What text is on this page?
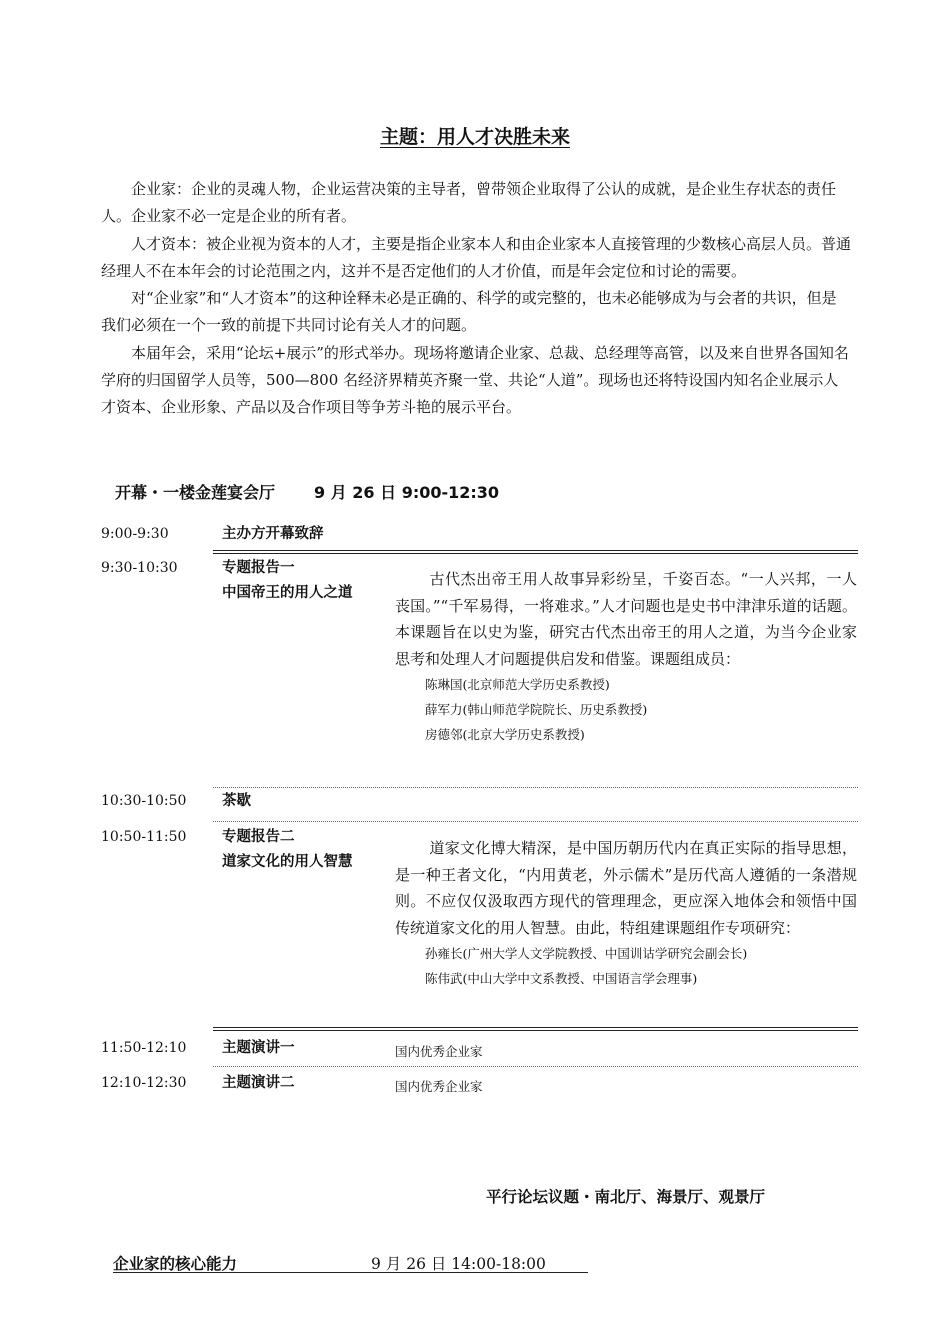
主题：用人才决胜未来

企业家：企业的灵魂人物，企业运营决策的主导者，曾带领企业取得了公认的成就，是企业生存状态的责任人。企业家不必一定是企业的所有者。

人才资本：被企业视为资本的人才，主要是指企业家本人和由企业家本人直接管理的少数核心高层人员。普通经理人不在本年会的讨论范围之内，这并不是否定他们的人才价值，而是年会定位和讨论的需要。

对“企业家”和“人才资本”的这种诠释未必是正确的、科学的或完整的，也未必能够成为与会者的共识，但是我们必须在一个一致的前提下共同讨论有关人才的问题。

本届年会，采用“论坛+展示”的形式举办。现场将邀请企业家、总裁、总经理等高管，以及来自世界各国知名学府的归国留学人员等，500—800 名经济界精英齐聚一堂、共论“人道”。现场也还将特设国内知名企业展示人才资本、企业形象、产品以及合作项目等争芳斗艳的展示平台。

开幕・一楼金莲宴会厅 9 月 26 日 9:00-12:30
9:00-9:30	主办方开幕致辞
9:30-10:30	专题报告一
中国帝王的用人之道
古代杰出帝王用人故事异彩纷呈，千姿百态。“一人兴邦，一人丧国。”“千军易得，一将难求。”人才问题也是史书中津津乐道的话题。本课题旨在以史为鉴，研究古代杰出帝王的用人之道，为当今企业家思考和处理人才问题提供启发和借鉴。课题组成员：
陈琳国(北京师范大学历史系教授)
薛军力(韩山师范学院院长、历史系教授)
房德邻(北京大学历史系教授)
10:30-10:50 茶歇
10:50-11:50 专题报告二
道家文化的用人智慧
道家文化博大精深，是中国历朝历代内在真正实际的指导思想，是一种王者文化，“内用黄老，外示儒术”是历代高人遵循的一条潜规则。不应仅仅汲取西方现代的管理理念，更应深入地体会和领悟中国传统道家文化的用人智慧。由此，特组建课题组作专项研究：
孙雍长(广州大学人文学院教授、中国训诂学研究会副会长)
陈伟武(中山大学中文系教授、中国语言学会理事)
11:50-12:10 主题演讲一	国内优秀企业家
12:10-12:30 主题演讲二	国内优秀企业家
平行论坛议题・南北厅、海景厅、观景厅
企业家的核心能力	9 月 26 日 14:00-18:00
